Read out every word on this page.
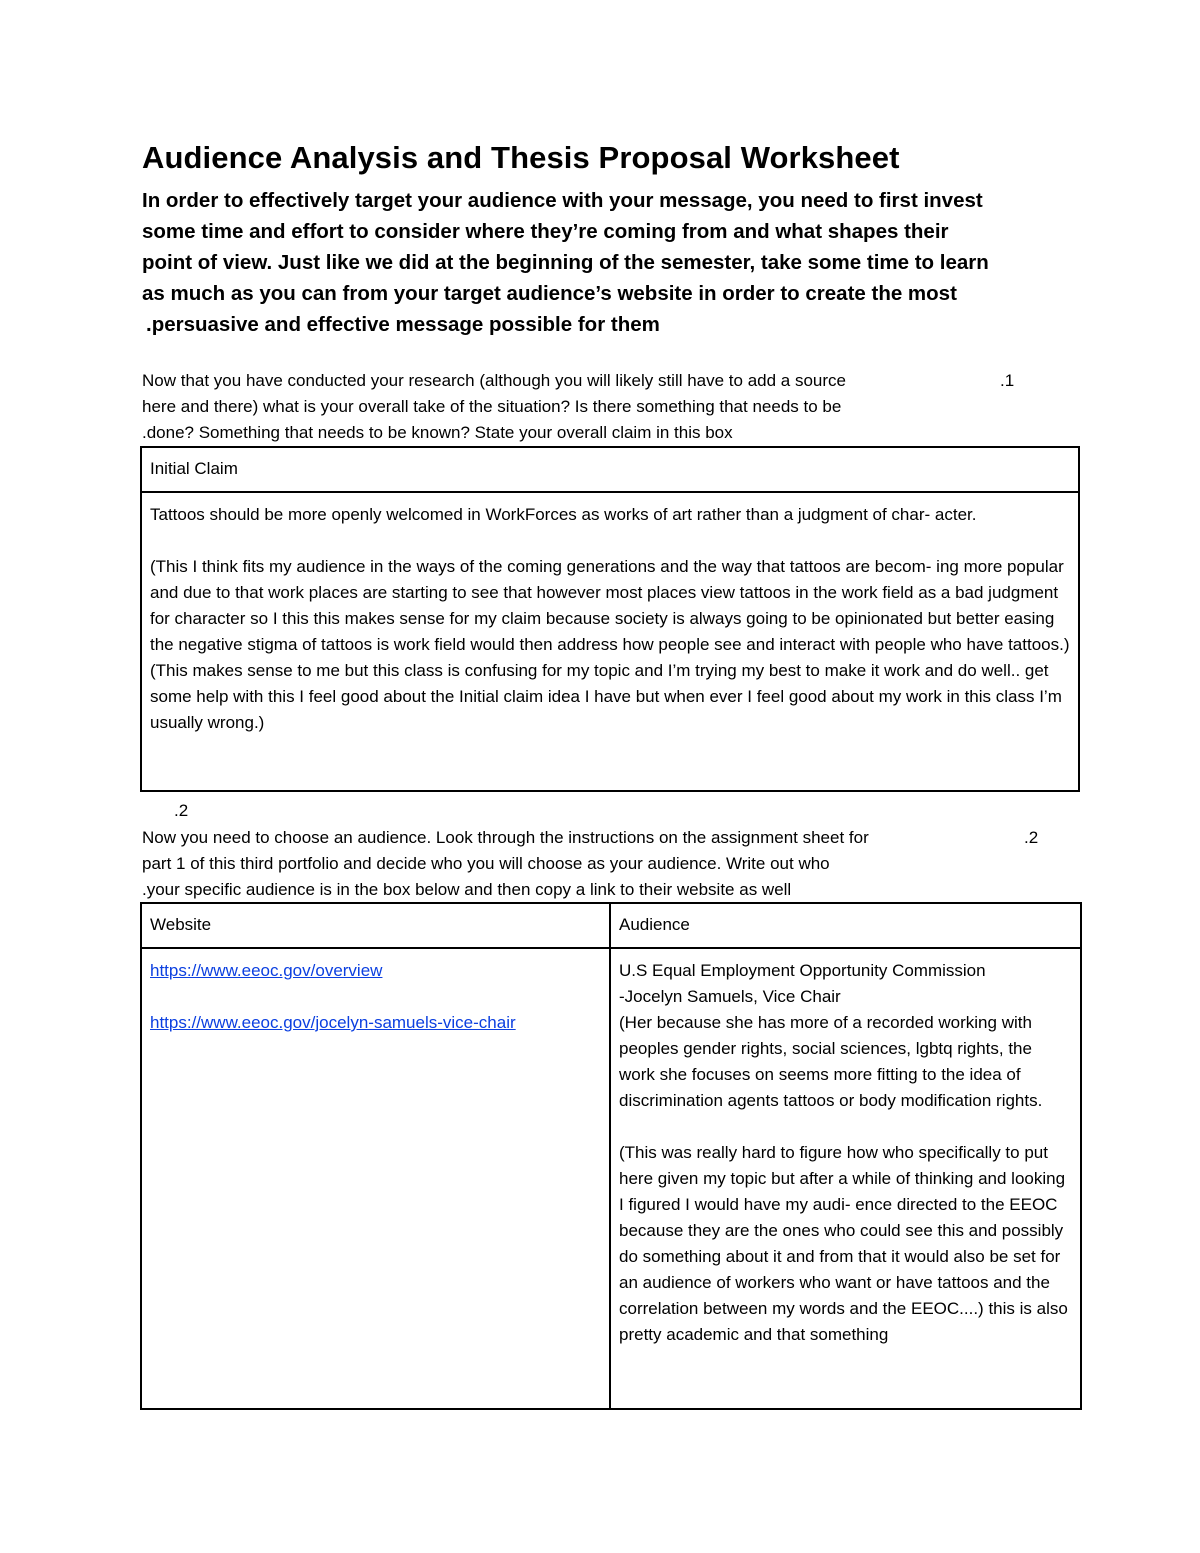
Audience Analysis and Thesis Proposal Worksheet
In order to effectively target your audience with your message, you need to first invest
some time and effort to consider where they’re coming from and what shapes their
point of view. Just like we did at the beginning of the semester, take some time to learn
as much as you can from your target audience’s website in order to create the most
.persuasive and effective message possible for them
Now that you have conducted your research (although you will likely still have to add a source
here and there) what is your overall take of the situation? Is there something that needs to be
.done? Something that needs to be known? State your overall claim in this box
.1
Initial Claim

Tattoos should be more openly welcomed in WorkForces as works of art rather than a judgment of char- acter.
(This I think fits my audience in the ways of the coming generations and the way that tattoos are becom- ing more popular and due to that work places are starting to see that however most places view tattoos in the work field as a bad judgment for character so I this this makes sense for my claim because society is always going to be opinionated but better easing the negative stigma of tattoos is work field would then address how people see and interact with people who have tattoos.) (This makes sense to me but this class is confusing for my topic and I’m trying my best to make it work and do well.. get some help with this I feel good about the Initial claim idea I have but when ever I feel good about my work in this class I’m usually wrong.)
.2
Now you need to choose an audience. Look through the instructions on the assignment sheet for
part 1 of this third portfolio and decide who you will choose as your audience. Write out who
.your specific audience is in the box below and then copy a link to their website as well
.2
Website	Audience
https://www.eeoc.gov/overview
https://www.eeoc.gov/jocelyn-samuels-vice-chair	U.S Equal Employment Opportunity Commission
-Jocelyn Samuels, Vice Chair
(Her because she has more of a recorded working with peoples gender rights, social sciences, lgbtq rights, the work she focuses on seems more fitting to the idea of discrimination agents tattoos or body modification rights.
(This was really hard to figure how who specifically to put here given my topic but after a while of thinking and looking I figured I would have my audi- ence directed to the EEOC because they are the ones who could see this and possibly do something about it and from that it would also be set for an audience of workers who want or have tattoos and the correlation between my words and the EEOC....) this is also pretty academic and that something
